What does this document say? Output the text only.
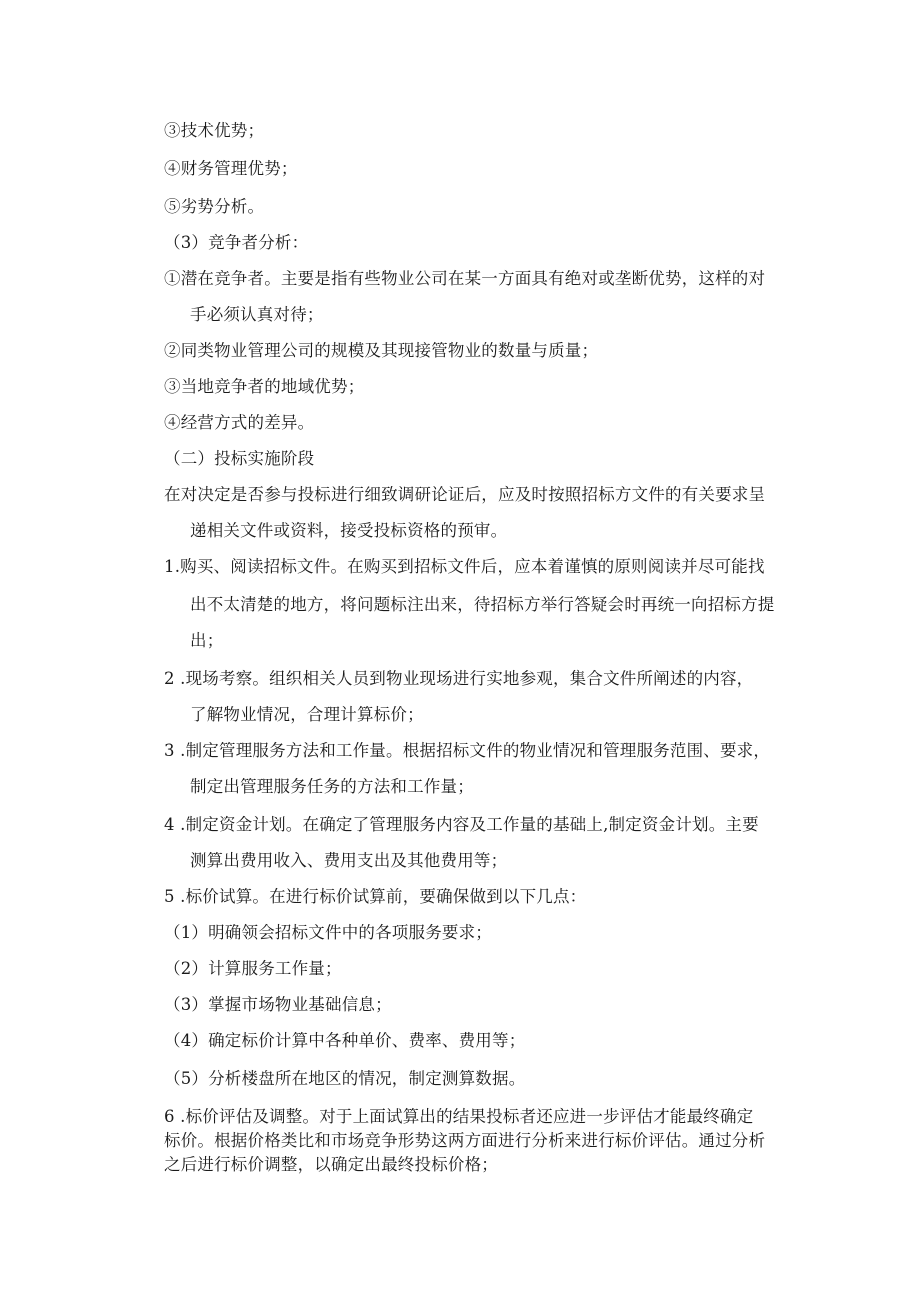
③技术优势；
④财务管理优势；
⑤劣势分析。
（3）竞争者分析：
①潜在竞争者。主要是指有些物业公司在某一方面具有绝对或垄断优势，这样的对
手必须认真对待；
②同类物业管理公司的规模及其现接管物业的数量与质量；
③当地竞争者的地域优势；
④经营方式的差异。
（二）投标实施阶段
在对决定是否参与投标进行细致调研论证后，应及时按照招标方文件的有关要求呈
递相关文件或资料，接受投标资格的预审。
1.购买、阅读招标文件。在购买到招标文件后，应本着谨慎的原则阅读并尽可能找
出不太清楚的地方，将问题标注出来，待招标方举行答疑会时再统一向招标方提
出；
2 .现场考察。组织相关人员到物业现场进行实地参观，集合文件所阐述的内容，
了解物业情况，合理计算标价；
3 .制定管理服务方法和工作量。根据招标文件的物业情况和管理服务范围、要求，
制定出管理服务任务的方法和工作量；
4 .制定资金计划。在确定了管理服务内容及工作量的基础上,制定资金计划。主要
测算出费用收入、费用支出及其他费用等；
5 .标价试算。在进行标价试算前，要确保做到以下几点：
（1）明确领会招标文件中的各项服务要求；
（2）计算服务工作量；
（3）掌握市场物业基础信息；
（4）确定标价计算中各种单价、费率、费用等；
（5）分析楼盘所在地区的情况，制定测算数据。
6 .标价评估及调整。对于上面试算出的结果投标者还应进一步评估才能最终确定
标价。根据价格类比和市场竞争形势这两方面进行分析来进行标价评估。通过分析
之后进行标价调整，以确定出最终投标价格；
